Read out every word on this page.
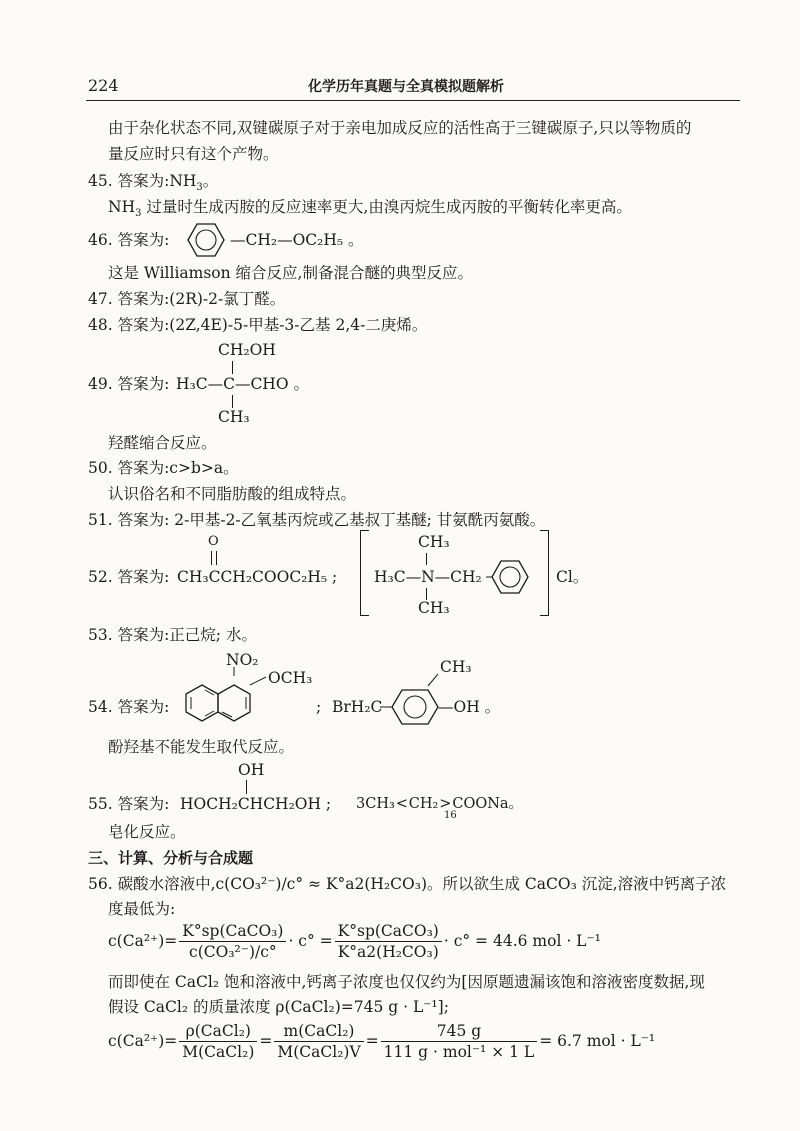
224	化学历年真题与全真模拟题解析
由于杂化状态不同,双键碳原子对于亲电加成反应的活性高于三键碳原子,只以等物质的
量反应时只有这个产物。
45. 答案为$:NH_3$。
$NH_3$ 过量时生成丙胺的反应速率更大,由溴丙烷生成丙胺的平衡转化率更高。
46. 答案为:	—CH₂—OC₂H₅ 。
这是 Williamson 缩合反应,制备混合醚的典型反应。
47. 答案为:(2R)-2-氯丁醛。
48. 答案为:(2Z,4E)-5-甲基-3-乙基 2,4-二庚烯。
CH₂OH
49. 答案为: H₃C—C—CHO 。
CH₃
羟醛缩合反应。
50. 答案为:c>b>a。
认识俗名和不同脂肪酸的组成特点。
51. 答案为: 2-甲基-2-乙氧基丙烷或乙基叔丁基醚; 甘氨酰丙氨酸。
O
52. 答案为: CH₃CCH₂COOC₂H₅ ;
CH₃
H₃C—N—CH₂
CH₃
Cl。
53. 答案为:正己烷; 水。
NO₂
OCH₃
54. 答案为:	; BrH₂C
CH₃
—OH 。
酚羟基不能发生取代反应。
OH
55. 答案为: HOCH₂CHCH₂OH ; 3CH₃<CH₂>COONa。
16
皂化反应。
三、计算、分析与合成题
56. 碳酸水溶液中,c(CO₃²⁻)/c° ≈ K°a2(H₂CO₃)。所以欲生成 CaCO₃ 沉淀,溶液中钙离子浓
度最低为:
$c(Ca^{2+})= \frac{\text{K°sp(CaCO₃)}}{\text{c(CO₃²⁻)/c°}} \cdot c^\circ = \frac{\text{K°sp(CaCO₃)}}{\text{K°a2(H₂CO₃)}} \cdot c^\circ = 44.6$ mol · L⁻¹
而即使在 CaCl₂ 饱和溶液中,钙离子浓度也仅仅约为[因原题遗漏该饱和溶液密度数据,现
假设 CaCl₂ 的质量浓度 ρ(CaCl₂)=745 g · L⁻¹];
$c(Ca^{2+})= \frac{\text{ρ(CaCl₂)}}{\text{M(CaCl₂)}} = \frac{\text{m(CaCl₂)}}{\text{M(CaCl₂)V}} = \frac{745 g}{\text{111 g · mol⁻¹ × 1 L}} = 6.7$ mol · L⁻¹
